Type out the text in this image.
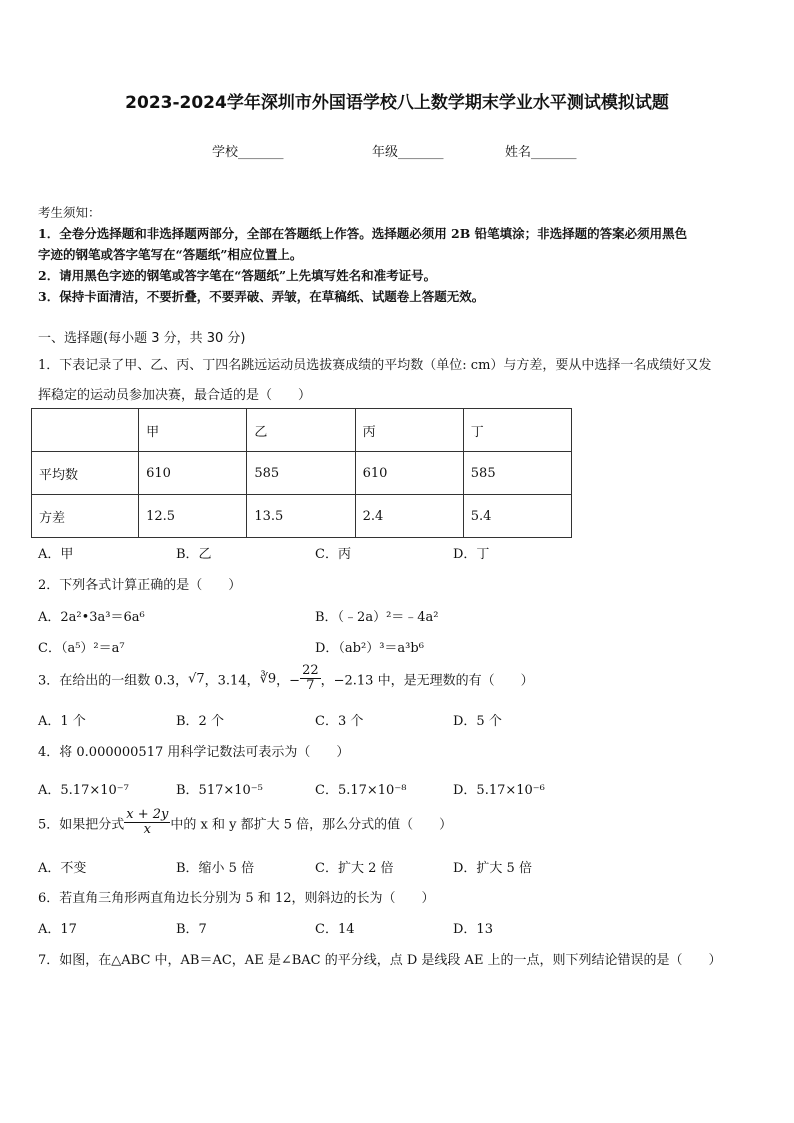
2023-2024学年深圳市外国语学校八上数学期末学业水平测试模拟试题
学校_______	年级_______	姓名_______
考生须知：
1．全卷分选择题和非选择题两部分，全部在答题纸上作答。选择题必须用 2B 铅笔填涂；非选择题的答案必须用黑色
字迹的钢笔或答字笔写在“答题纸”相应位置上。
2．请用黑色字迹的钢笔或答字笔在“答题纸”上先填写姓名和准考证号。
3．保持卡面清洁，不要折叠，不要弄破、弄皱，在草稿纸、试题卷上答题无效。
一、选择题(每小题 3 分，共 30 分)
1．下表记录了甲、乙、丙、丁四名跳远运动员选拔赛成绩的平均数（单位: cm）与方差，要从中选择一名成绩好又发
挥稳定的运动员参加决赛，最合适的是（　　）
	甲	乙	丙	丁
平均数	610	585	610	585
方差	12.5	13.5	2.4	5.4
A．甲	B．乙	C．丙	D．丁
2．下列各式计算正确的是（　　）
A．2a²•3a³＝6a⁶	B．（﹣2a）²＝﹣4a²
C．（a⁵）²＝a⁷	D．（ab²）³＝a³b⁶
3．在给出的一组数 0.3，√7，3.14，∛9，− $\frac{22}{7}$ ，−2.13 中，是无理数的有（　　）
A．1 个	B．2 个	C．3 个	D．5 个
4．将 0.000000517 用科学记数法可表示为（　　）
A．5.17×10⁻⁷	B．517×10⁻⁵	C．5.17×10⁻⁸	D．5.17×10⁻⁶
5．如果把分式 $\frac{x + 2y}{x}$ 中的 x 和 y 都扩大 5 倍，那么分式的值（　　）
A．不变	B．缩小 5 倍	C．扩大 2 倍	D．扩大 5 倍
6．若直角三角形两直角边长分别为 5 和 12，则斜边的长为（　　）
A．17	B．7	C．14	D．13
7．如图，在△ABC 中，AB＝AC，AE 是∠BAC 的平分线，点 D 是线段 AE 上的一点，则下列结论错误的是（　　）
